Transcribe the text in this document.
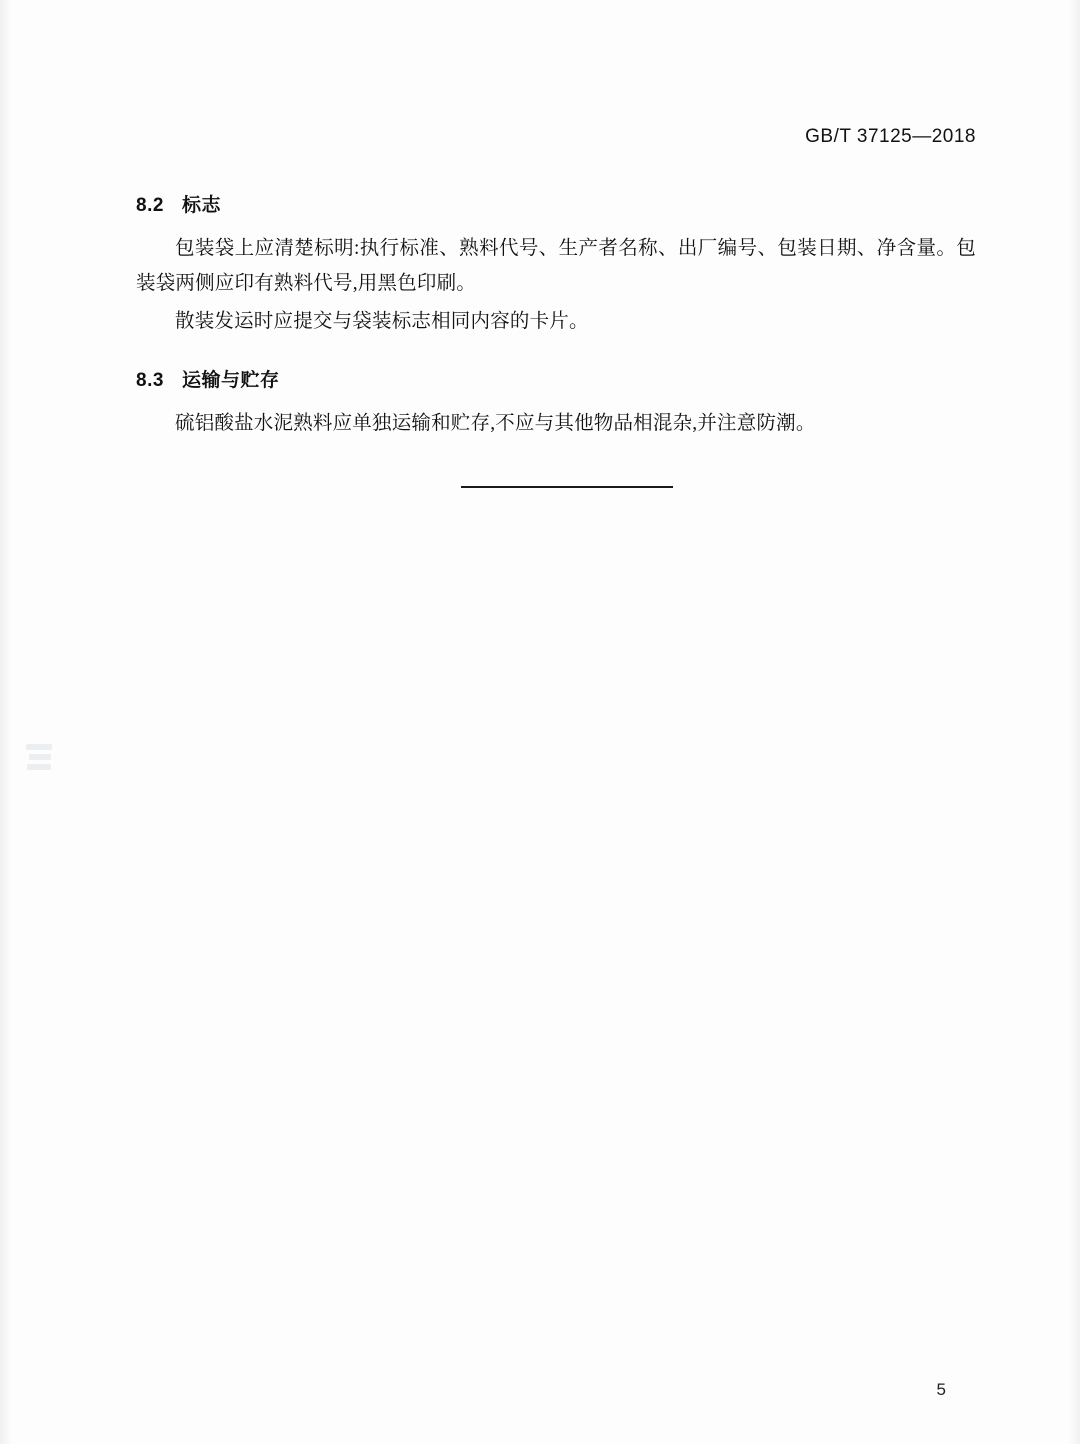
GB/T 37125—2018
8.2 标志

包装袋上应清楚标明:执行标准、熟料代号、生产者名称、出厂编号、包装日期、净含量。包装袋两侧应印有熟料代号,用黑色印刷。

散装发运时应提交与袋装标志相同内容的卡片。

8.3 运输与贮存

硫铝酸盐水泥熟料应单独运输和贮存,不应与其他物品相混杂,并注意防潮。

5
